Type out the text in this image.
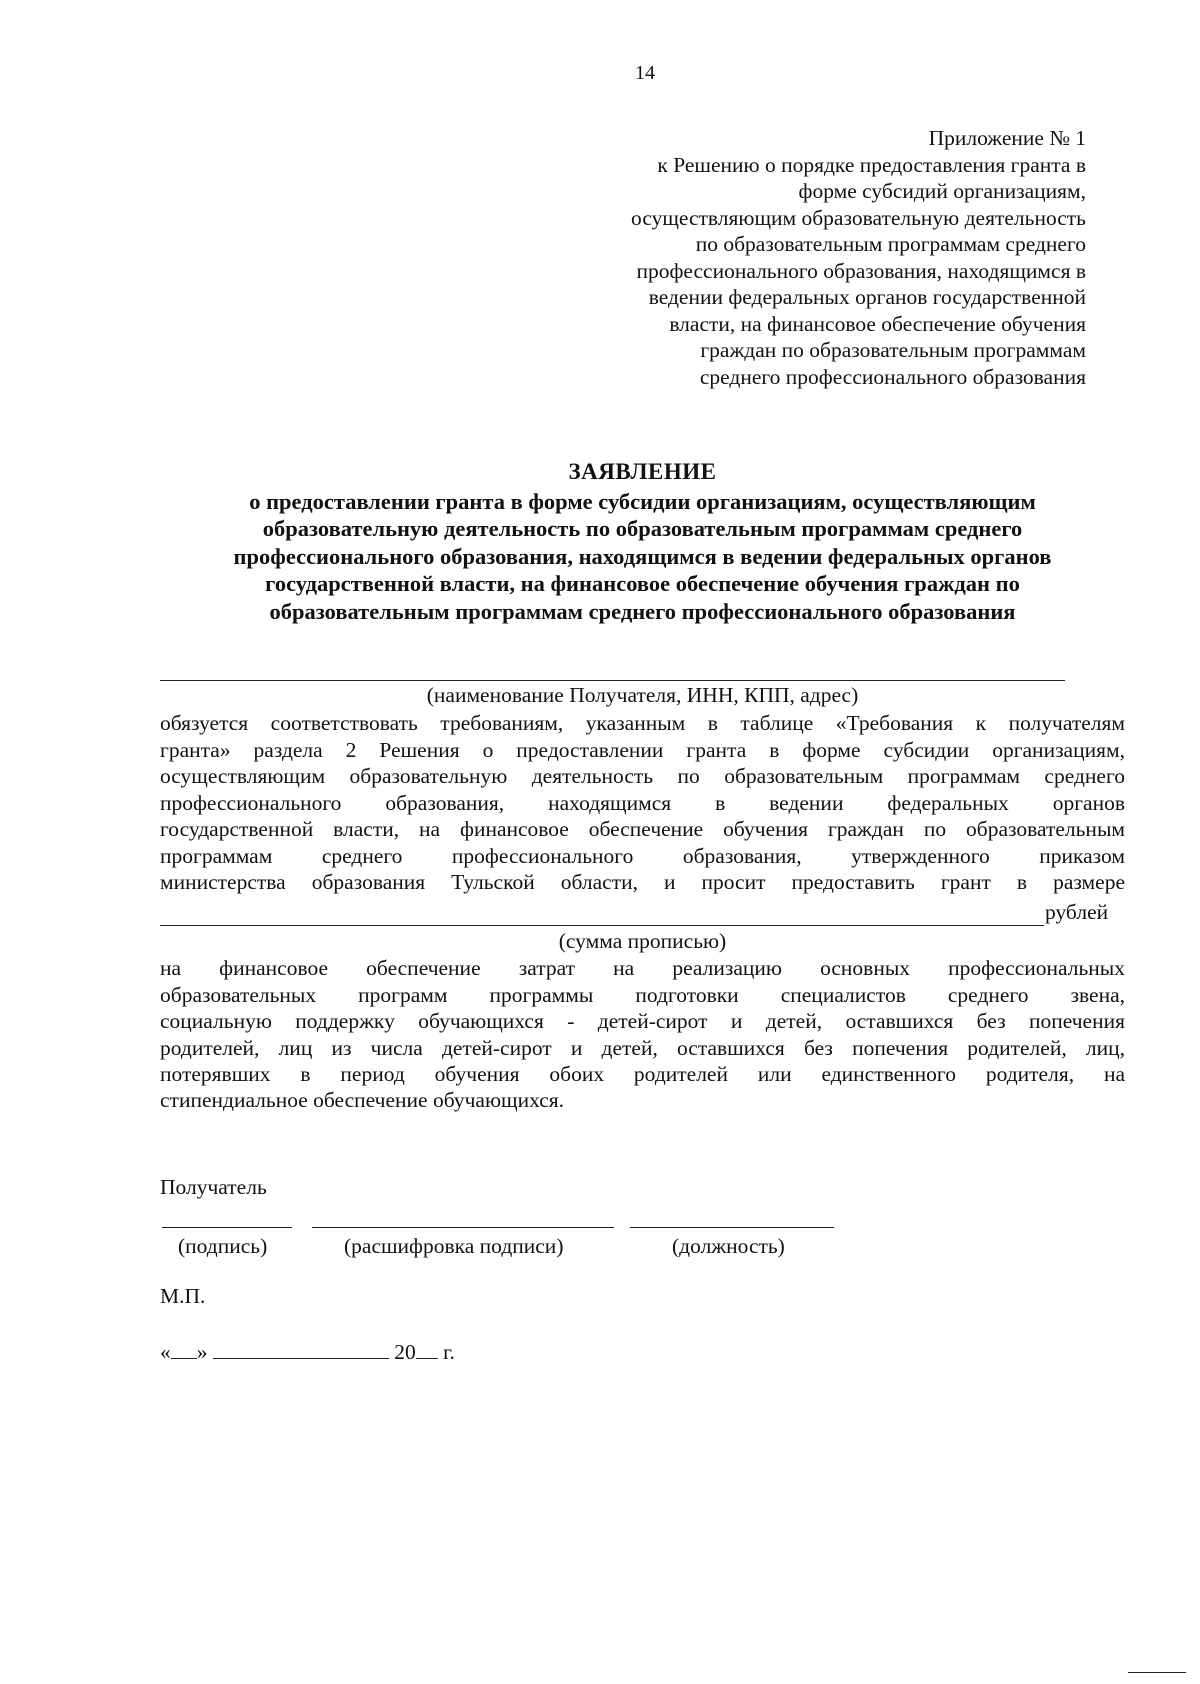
14
Приложение № 1
к Решению о порядке предоставления гранта в
форме субсидий организациям,
осуществляющим образовательную деятельность
по образовательным программам среднего
профессионального образования, находящимся в
ведении федеральных органов государственной
власти, на финансовое обеспечение обучения
граждан по образовательным программам
среднего профессионального образования
ЗАЯВЛЕНИЕ
о предоставлении гранта в форме субсидии организациям, осуществляющим
образовательную деятельность по образовательным программам среднего
профессионального образования, находящимся в ведении федеральных органов
государственной власти, на финансовое обеспечение обучения граждан по
образовательным программам среднего профессионального образования
(наименование Получателя, ИНН, КПП, адрес)
обязуется соответствовать требованиям, указанным в таблице «Требования к получателям
гранта» раздела 2 Решения о предоставлении гранта в форме субсидии организациям,
осуществляющим образовательную деятельность по образовательным программам среднего
профессионального образования, находящимся в ведении федеральных органов
государственной власти, на финансовое обеспечение обучения граждан по образовательным
программам среднего профессионального образования, утвержденного приказом
министерства образования Тульской области, и просит предоставить грант в размере
рублей
(сумма прописью)
на финансовое обеспечение затрат на реализацию основных профессиональных
образовательных программ программы подготовки специалистов среднего звена,
социальную поддержку обучающихся - детей-сирот и детей, оставшихся без попечения
родителей, лиц из числа детей-сирот и детей, оставшихся без попечения родителей, лиц,
потерявших в период обучения обоих родителей или единственного родителя, на
стипендиальное обеспечение обучающихся.
Получатель
(подпись)	(расшифровка подписи)	(должность)
М.П.
« »	20 г.
